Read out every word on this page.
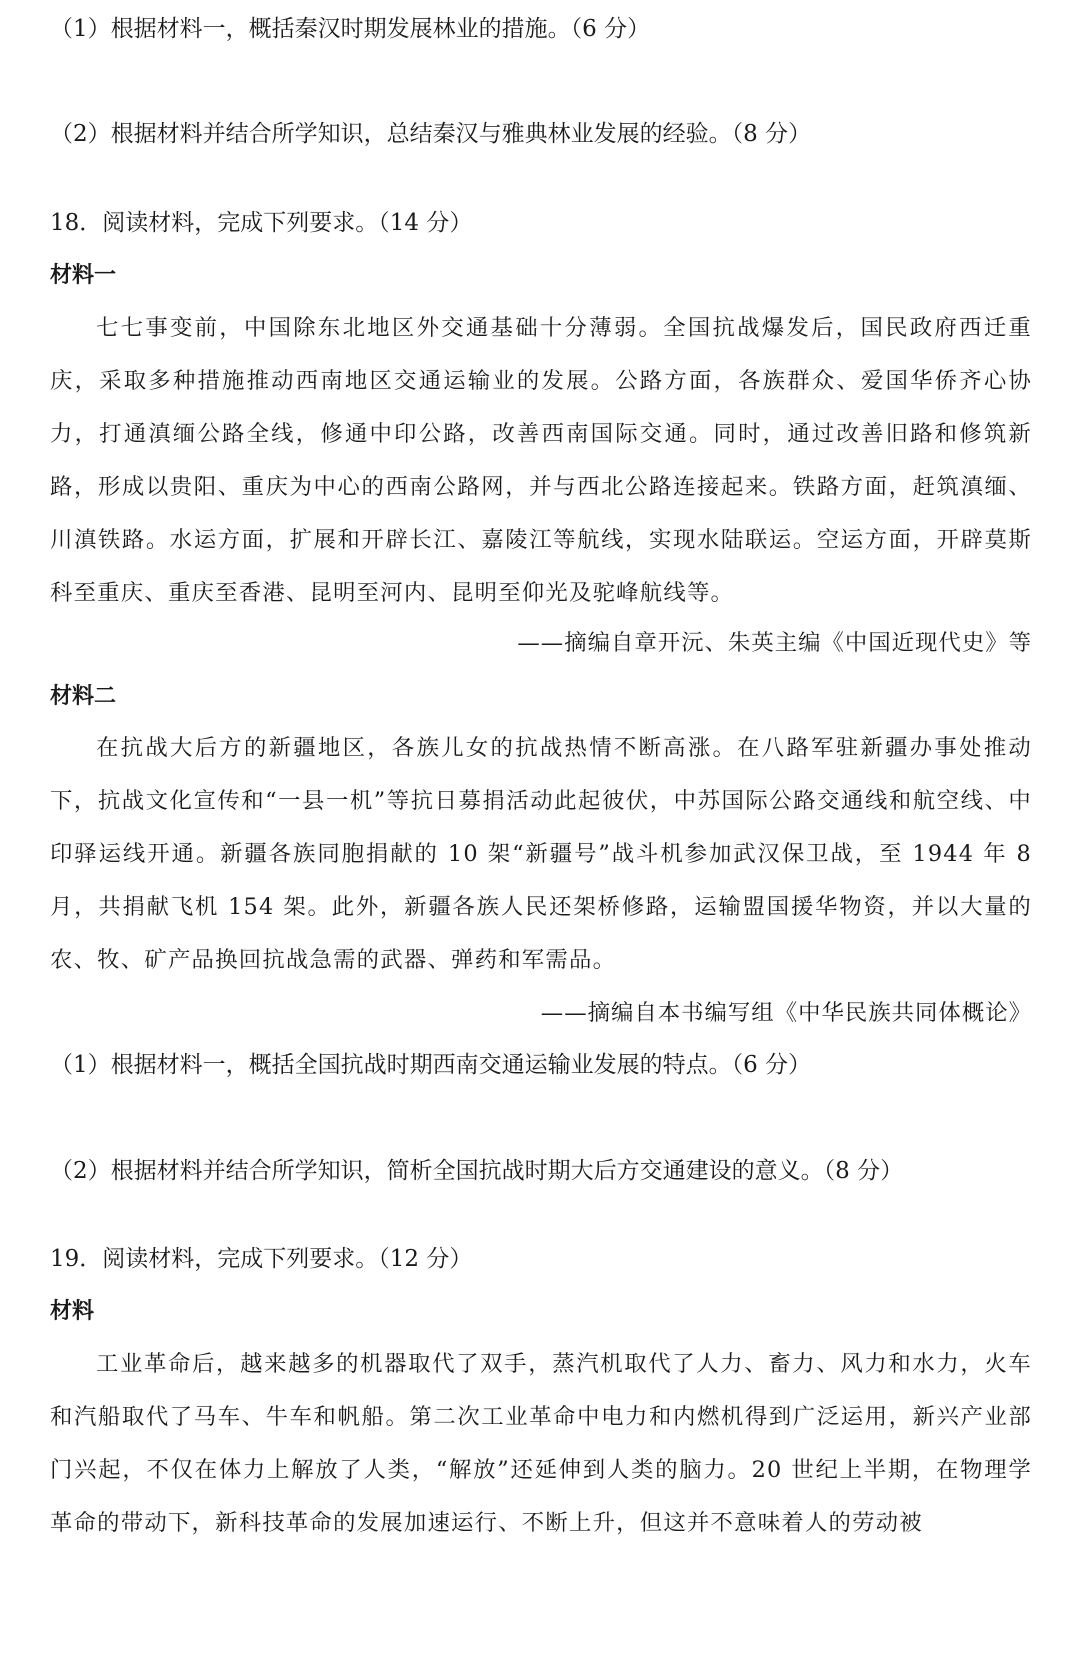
（1）根据材料一，概括秦汉时期发展林业的措施。（6 分）
（2）根据材料并结合所学知识，总结秦汉与雅典林业发展的经验。（8 分）
18．阅读材料，完成下列要求。（14 分）
材料一
七七事变前，中国除东北地区外交通基础十分薄弱。全国抗战爆发后，国民政府西迁重庆，采取多种措施推动西南地区交通运输业的发展。公路方面，各族群众、爱国华侨齐心协力，打通滇缅公路全线，修通中印公路，改善西南国际交通。同时，通过改善旧路和修筑新路，形成以贵阳、重庆为中心的西南公路网，并与西北公路连接起来。铁路方面，赶筑滇缅、川滇铁路。水运方面，扩展和开辟长江、嘉陵江等航线，实现水陆联运。空运方面，开辟莫斯科至重庆、重庆至香港、昆明至河内、昆明至仰光及驼峰航线等。
——摘编自章开沅、朱英主编《中国近现代史》等
材料二
在抗战大后方的新疆地区，各族儿女的抗战热情不断高涨。在八路军驻新疆办事处推动下，抗战文化宣传和“一县一机”等抗日募捐活动此起彼伏，中苏国际公路交通线和航空线、中印驿运线开通。新疆各族同胞捐献的 10 架“新疆号”战斗机参加武汉保卫战，至 1944 年 8 月，共捐献飞机 154 架。此外，新疆各族人民还架桥修路，运输盟国援华物资，并以大量的农、牧、矿产品换回抗战急需的武器、弹药和军需品。
——摘编自本书编写组《中华民族共同体概论》
（1）根据材料一，概括全国抗战时期西南交通运输业发展的特点。（6 分）
（2）根据材料并结合所学知识，简析全国抗战时期大后方交通建设的意义。（8 分）
19．阅读材料，完成下列要求。（12 分）
材料
工业革命后，越来越多的机器取代了双手，蒸汽机取代了人力、畜力、风力和水力，火车和汽船取代了马车、牛车和帆船。第二次工业革命中电力和内燃机得到广泛运用，新兴产业部门兴起，不仅在体力上解放了人类，“解放”还延伸到人类的脑力。20 世纪上半期，在物理学革命的带动下，新科技革命的发展加速运行、不断上升，但这并不意味着人的劳动被
